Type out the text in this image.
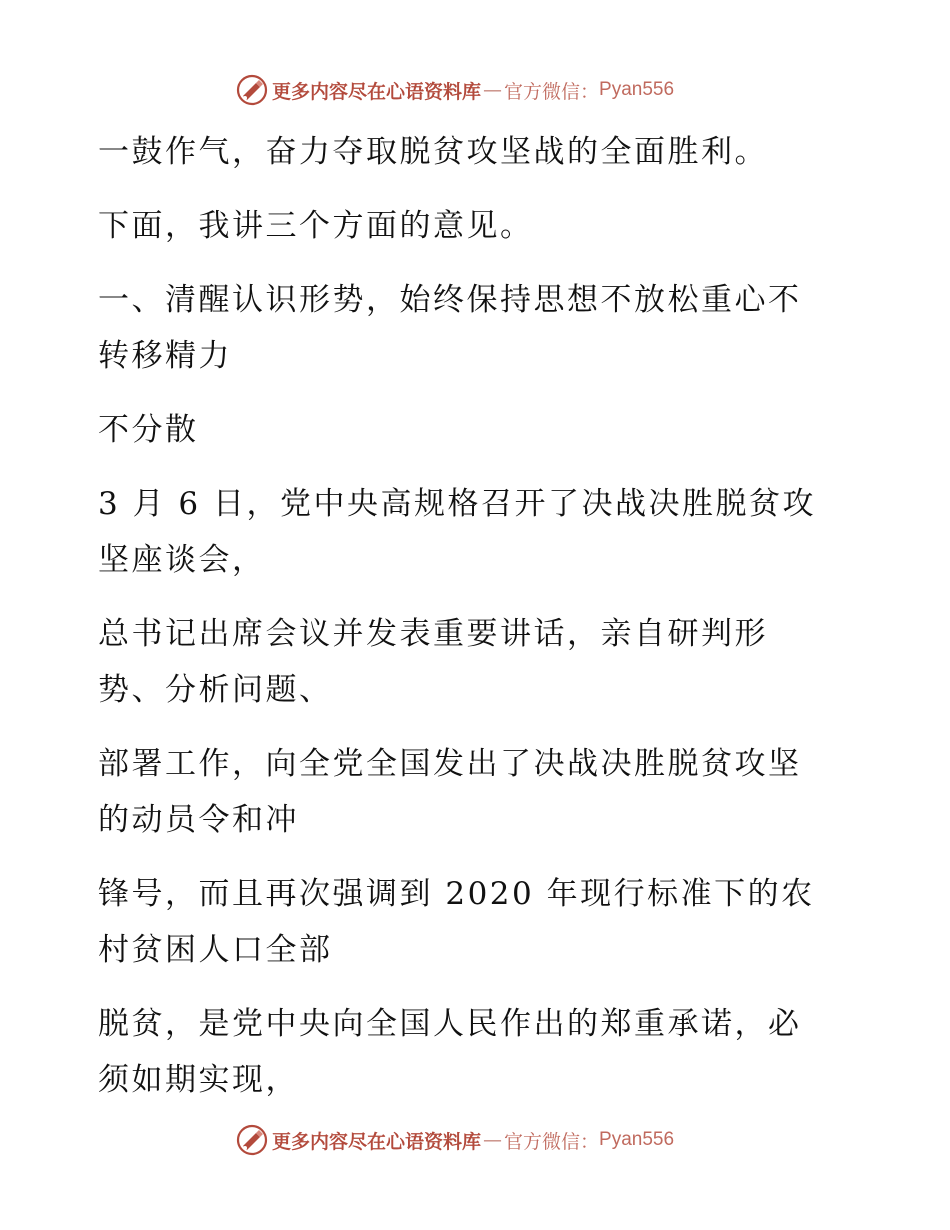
更多内容尽在心语资料库 — 官方微信： Pyan556

一鼓作气，奋力夺取脱贫攻坚战的全面胜利。

下面，我讲三个方面的意见。

一、清醒认识形势，始终保持思想不放松重心不
转移精力

不分散

3 月 6 日，党中央高规格召开了决战决胜脱贫攻
坚座谈会，

总书记出席会议并发表重要讲话，亲自研判形
势、分析问题、

部署工作，向全党全国发出了决战决胜脱贫攻坚
的动员令和冲

锋号，而且再次强调到 2020 年现行标准下的农
村贫困人口全部

脱贫，是党中央向全国人民作出的郑重承诺，必
须如期实现，

更多内容尽在心语资料库 — 官方微信： Pyan556
